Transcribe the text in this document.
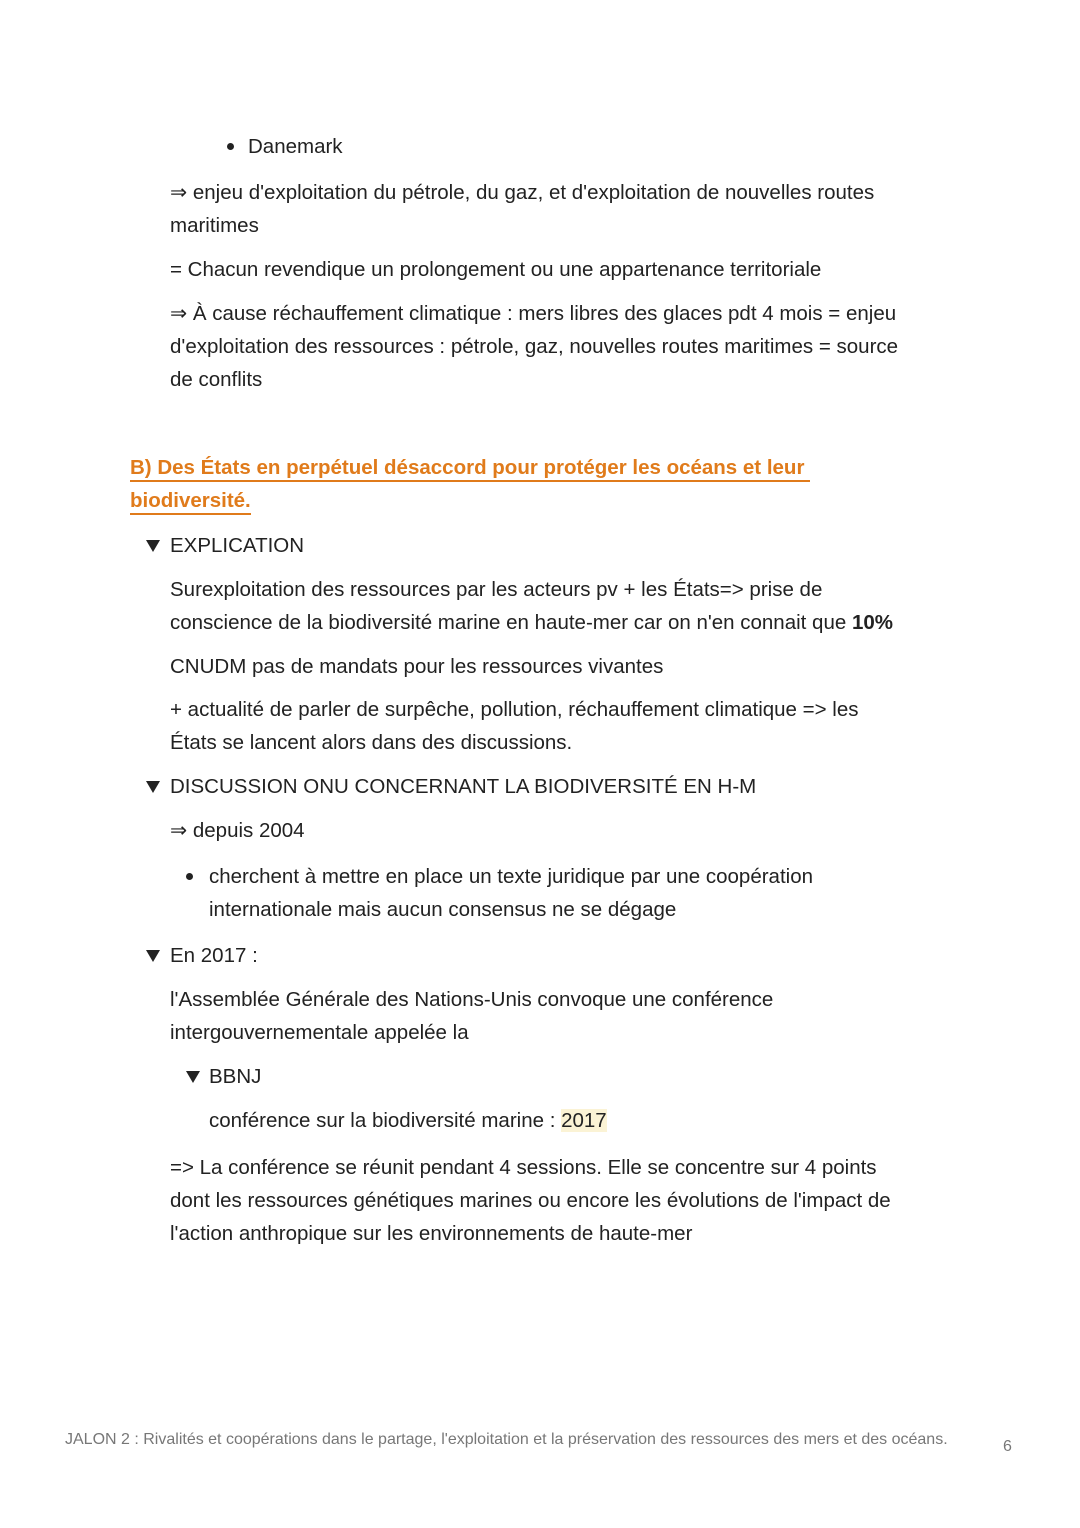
Danemark

⇒ enjeu d'exploitation du pétrole, du gaz, et d'exploitation de nouvelles routes

maritimes

= Chacun revendique un prolongement ou une appartenance territoriale

⇒ À cause réchauffement climatique : mers libres des glaces pdt 4 mois = enjeu

d'exploitation des ressources : pétrole, gaz, nouvelles routes maritimes = source

de conflits

B) Des États en perpétuel désaccord pour protéger les océans et leur

biodiversité.

EXPLICATION

Surexploitation des ressources par les acteurs pv + les États=> prise de

conscience de la biodiversité marine en haute-mer car on n'en connait que 10%

CNUDM pas de mandats pour les ressources vivantes

+ actualité de parler de surpêche, pollution, réchauffement climatique => les

États se lancent alors dans des discussions.

DISCUSSION ONU CONCERNANT LA BIODIVERSITÉ EN H-M

⇒ depuis 2004

cherchent à mettre en place un texte juridique par une coopération

internationale mais aucun consensus ne se dégage

En 2017 :

l'Assemblée Générale des Nations-Unis convoque une conférence

intergouvernementale appelée la

BBNJ

conférence sur la biodiversité marine : 2017

=> La conférence se réunit pendant 4 sessions. Elle se concentre sur 4 points

dont les ressources génétiques marines ou encore les évolutions de l'impact de

l'action anthropique sur les environnements de haute-mer

JALON 2 : Rivalités et coopérations dans le partage, l'exploitation et la préservation des ressources des mers et des océans.	6
